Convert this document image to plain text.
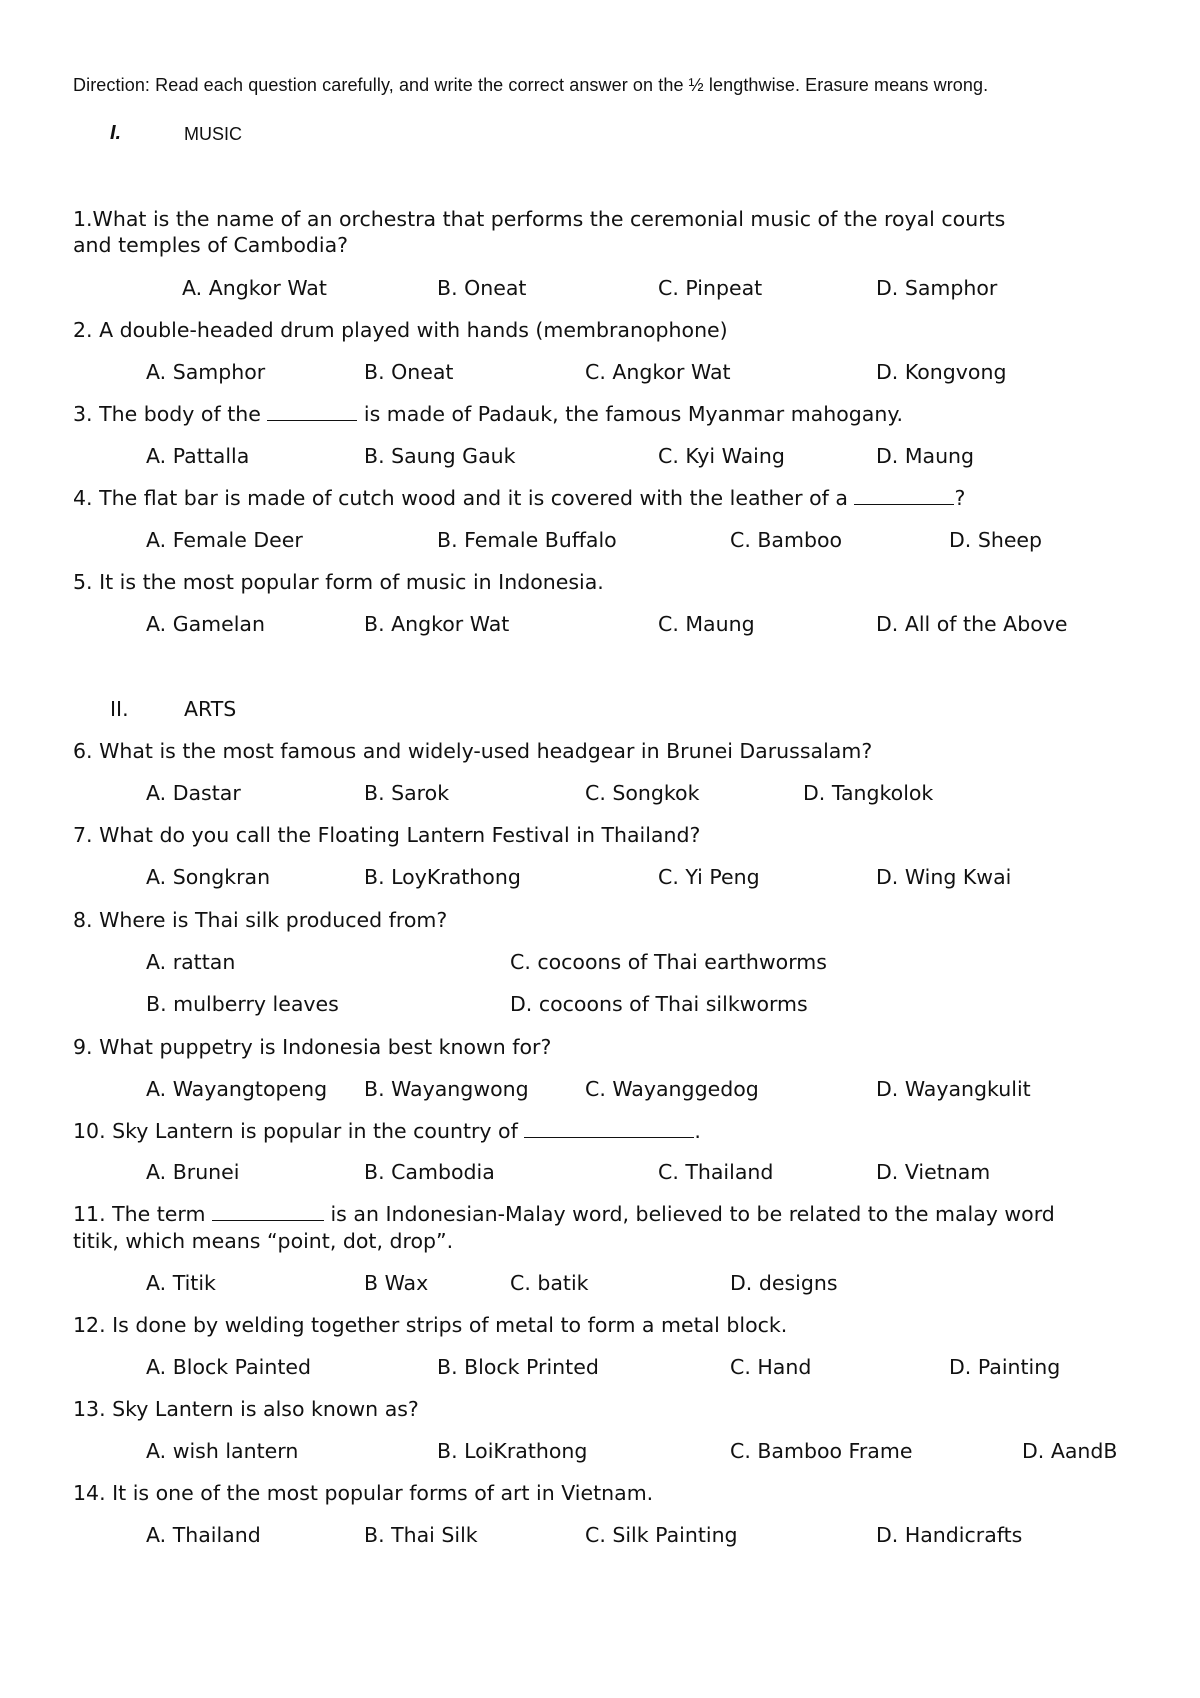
Direction: Read each question carefully, and write the correct answer on the ½ lengthwise. Erasure means wrong.
I.	MUSIC
1.What is the name of an orchestra that performs the ceremonial music of the royal courts
and temples of Cambodia?
A. Angkor Wat	B. Oneat	C. Pinpeat	D. Samphor
2. A double-headed drum played with hands (membranophone)
A. Samphor	B. Oneat	C. Angkor Wat	D. Kongvong
3. The body of the	is made of Padauk, the famous Myanmar mahogany.
A. Pattalla	B. Saung Gauk	C. Kyi Waing	D. Maung
4. The flat bar is made of cutch wood and it is covered with the leather of a	?
A. Female Deer	B. Female Buffalo	C. Bamboo	D. Sheep
5. It is the most popular form of music in Indonesia.
A. Gamelan	B. Angkor Wat	C. Maung	D. All of the Above
II.	ARTS
6. What is the most famous and widely-used headgear in Brunei Darussalam?
A. Dastar	B. Sarok	C. Songkok	D. Tangkolok
7. What do you call the Floating Lantern Festival in Thailand?
A. Songkran	B. LoyKrathong	C. Yi Peng	D. Wing Kwai
8. Where is Thai silk produced from?
A. rattan	C. cocoons of Thai earthworms
B. mulberry leaves	D. cocoons of Thai silkworms
9. What puppetry is Indonesia best known for?
A. Wayangtopeng B. Wayangwong	C. Wayanggedog	D. Wayangkulit
10. Sky Lantern is popular in the country of	.
A. Brunei	B. Cambodia	C. Thailand	D. Vietnam
11. The term	is an Indonesian-Malay word, believed to be related to the malay word
titik, which means “point, dot, drop”.
A. Titik	B Wax	C. batik	D. designs
12. Is done by welding together strips of metal to form a metal block.
A. Block Painted	B. Block Printed	C. Hand	D. Painting
13. Sky Lantern is also known as?
A. wish lantern	B. LoiKrathong	C. Bamboo Frame	D. AandB
14. It is one of the most popular forms of art in Vietnam.
A. Thailand	B. Thai Silk	C. Silk Painting	D. Handicrafts
